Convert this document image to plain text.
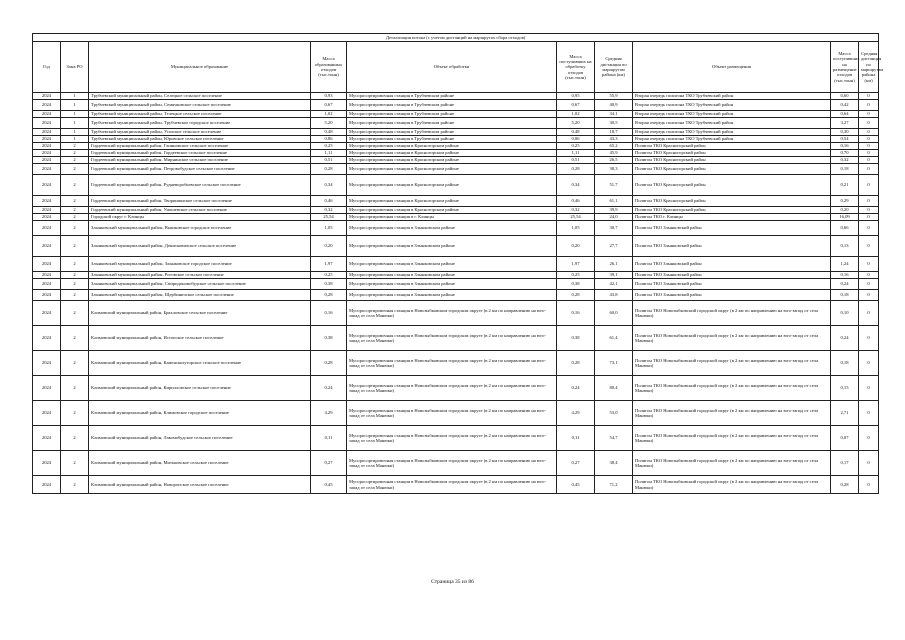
Детализация потока (с учетом дистанций на маршрутах сбора отходов)									
Год	Зона РО	Муниципальное образование	Масса образованных отходов (тыс.тонн)	Объект обработки	Масса поступивших на обработку отходов (тыс.тонн)	Средняя дистанция по маршрутам района (км)	Объект размещения	Масса поступивших на размещение отходов (тыс.тонн)	Средняя дистанция по маршрутам района (км)
2024	1	Трубчевский муниципальный район, Селецкое сельское поселение	0,93	Мусоросортировочная станция в Трубчевском районе	0,95	55,9	Вторая очередь полигона ТКО Трубчевский район	0,60	0
2024	1	Трубчевский муниципальный район, Семячковское сельское поселение	0,67	Мусоросортировочная станция в Трубчевском районе	0,67	40,9	Вторая очередь полигона ТКО Трубчевский район	0,42	0
2024	1	Трубчевский муниципальный район, Телецкое сельское поселение	1,02	Мусоросортировочная станция в Трубчевском районе	1,02	34,1	Вторая очередь полигона ТКО Трубчевский район	0,64	0
2024	1	Трубчевский муниципальный район, Трубчевское городское поселение	5,20	Мусоросортировочная станция в Трубчевском районе	5,20	30,5	Вторая очередь полигона ТКО Трубчевский район	3,27	0
2024	1	Трубчевский муниципальный район, Усохское сельское поселение	0,48	Мусоросортировочная станция в Трубчевском районе	0,48	18,7	Вторая очередь полигона ТКО Трубчевский район	0,30	0
2024	1	Трубчевский муниципальный район, Юровское сельское поселение	0,86	Мусоросортировочная станция в Трубчевском районе	0,86	43,3	Вторая очередь полигона ТКО Трубчевский район	0,54	0
2024	2	Гордеевский муниципальный район, Глинновское сельское поселение	0,25	Мусоросортировочная станция в Красногорском районе	0,25	65,2	Полигон ТКО Красногорский район	0,16	0
2024	2	Гордеевский муниципальный район, Гордеевское сельское поселение	1,11	Мусоросортировочная станция в Красногорском районе	1,11	45,9	Полигон ТКО Красногорский район	0,70	0
2024	2	Гордеевский муниципальный район, Мирнинское сельское поселение	0,51	Мусоросортировочная станция в Красногорском районе	0,51	26,5	Полигон ТКО Красногорский район	0,32	0
2024	2	Гордеевский муниципальный район, Петровобудское сельское поселение	0,28	Мусоросортировочная станция в Красногорском районе	0,28	38,3	Полигон ТКО Красногорский район	0,18	0
2024	2	Гордеевский муниципальный район, Рудневоробьевское сельское поселение	0,34	Мусоросортировочная станция в Красногорском районе	0,34	51,7	Полигон ТКО Красногорский район	0,21	0
2024	2	Гордеевский муниципальный район, Творишинское сельское поселение	0,46	Мусоросортировочная станция в Красногорском районе	0,46	61,1	Полигон ТКО Красногорский район	0,29	0
2024	2	Гордеевский муниципальный район, Уношевское сельское поселение	0,32	Мусоросортировочная станция в Красногорском районе	0,32	39,9	Полигон ТКО Красногорский район	0,20	0
2024	2	Городской округ г. Клинцы	25,54	Мусоросортировочная станция в г. Клинцы	25,54	24,0	Полигон ТКО г. Клинцы	16,09	0
2024	2	Злынковский муниципальный район, Вышковское городское поселение	1,05	Мусоросортировочная станция в Злынковском районе	1,05	30,7	Полигон ТКО Злынковский район	0,66	0
2024	2	Злынковский муниципальный район, Денисковичское сельское поселение	0,20	Мусоросортировочная станция в Злынковском районе	0,20	27,7	Полигон ТКО Злынковский район	0,13	0
2024	2	Злынковский муниципальный район, Злынковское городское поселение	1,97	Мусоросортировочная станция в Злынковском районе	1,97	26,1	Полигон ТКО Злынковский район	1,24	0
2024	2	Злынковский муниципальный район, Роговское сельское поселение	0,25	Мусоросортировочная станция в Злынковском районе	0,25	39,1	Полигон ТКО Злынковский район	0,16	0
2024	2	Злынковский муниципальный район, Спиридоновобудское сельское поселение	0,38	Мусоросортировочная станция в Злынковском районе	0,38	42,1	Полигон ТКО Злынковский район	0,24	0
2024	2	Злынковский муниципальный район, Щербиничское сельское поселение	0,28	Мусоросортировочная станция в Злынковском районе	0,28	43,8	Полигон ТКО Злынковский район	0,18	0
2024	2	Климовский муниципальный район, Брахловское сельское поселение	0,16	Мусоросортировочная станция в Новозыбковском городском округе (в 2 км по направлению на юго-запад от села Манюки)	0,16	60,0	Полигон ТКО Новозыбковский городской округ (в 2 км по направлению на юго-запад от села Манюки)	0,10	0
2024	2	Климовский муниципальный район, Истопское сельское поселение	0,38	Мусоросортировочная станция в Новозыбковском городском округе (в 2 км по направлению на юго-запад от села Манюки)	0,38	61,4	Полигон ТКО Новозыбковский городской округ (в 2 км по направлению на юго-запад от села Манюки)	0,24	0
2024	2	Климовский муниципальный район, Каменскохуторское сельское поселение	0,28	Мусоросортировочная станция в Новозыбковском городском округе (в 2 км по направлению на юго-запад от села Манюки)	0,28	73,1	Полигон ТКО Новозыбковский городской округ (в 2 км по направлению на юго-запад от села Манюки)	0,18	0
2024	2	Климовский муниципальный район, Кирилловское сельское поселение	0,24	Мусоросортировочная станция в Новозыбковском городском округе (в 2 км по направлению на юго-запад от села Манюки)	0,24	80,4	Полигон ТКО Новозыбковский городской округ (в 2 км по направлению на юго-запад от села Манюки)	0,15	0
2024	2	Климовский муниципальный район, Климовское городское поселение	4,29	Мусоросортировочная станция в Новозыбковском городском округе (в 2 км по направлению на юго-запад от села Манюки)	4,29	53,0	Полигон ТКО Новозыбковский городской округ (в 2 км по направлению на юго-запад от села Манюки)	2,71	0
2024	2	Климовский муниципальный район, Лакомобудское сельское поселение	0,11	Мусоросортировочная станция в Новозыбковском городском округе (в 2 км по направлению на юго-запад от села Манюки)	0,11	54,7	Полигон ТКО Новозыбковский городской округ (в 2 км по направлению на юго-запад от села Манюки)	0,07	0
2024	2	Климовский муниципальный район, Митьковское сельское поселение	0,27	Мусоросортировочная станция в Новозыбковском городском округе (в 2 км по направлению на юго-запад от села Манюки)	0,27	38,4	Полигон ТКО Новозыбковский городской округ (в 2 км по направлению на юго-запад от села Манюки)	0,17	0
2024	2	Климовский муниципальный район, Новоропское сельское поселение	0,45	Мусоросортировочная станция в Новозыбковском городском округе (в 2 км по направлению на юго-запад от села Манюки)	0,45	71,2	Полигон ТКО Новозыбковский городской округ (в 2 км по направлению на юго-запад от села Манюки)	0,28	0
Страница 35 из 86
